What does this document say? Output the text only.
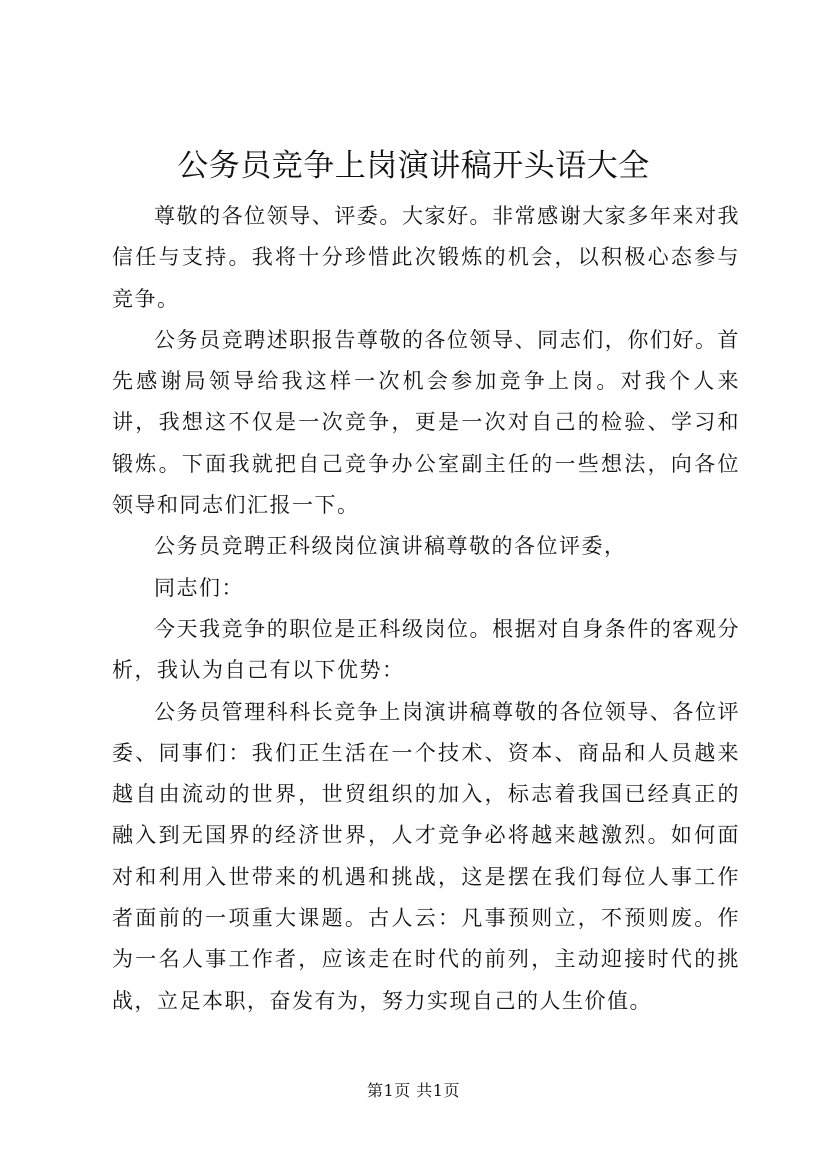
公务员竞争上岗演讲稿开头语大全

尊敬的各位领导、评委。大家好。非常感谢大家多年来对我信任与支持。我将十分珍惜此次锻炼的机会，以积极心态参与竞争。

公务员竞聘述职报告尊敬的各位领导、同志们，你们好。首先感谢局领导给我这样一次机会参加竞争上岗。对我个人来讲，我想这不仅是一次竞争，更是一次对自己的检验、学习和锻炼。下面我就把自己竞争办公室副主任的一些想法，向各位领导和同志们汇报一下。

公务员竞聘正科级岗位演讲稿尊敬的各位评委，

同志们：

今天我竞争的职位是正科级岗位。根据对自身条件的客观分析，我认为自己有以下优势：

公务员管理科科长竞争上岗演讲稿尊敬的各位领导、各位评委、同事们：我们正生活在一个技术、资本、商品和人员越来越自由流动的世界，世贸组织的加入，标志着我国已经真正的融入到无国界的经济世界，人才竞争必将越来越激烈。如何面对和利用入世带来的机遇和挑战，这是摆在我们每位人事工作者面前的一项重大课题。古人云：凡事预则立，不预则废。作为一名人事工作者，应该走在时代的前列，主动迎接时代的挑战，立足本职，奋发有为，努力实现自己的人生价值。

第1页 共1页
